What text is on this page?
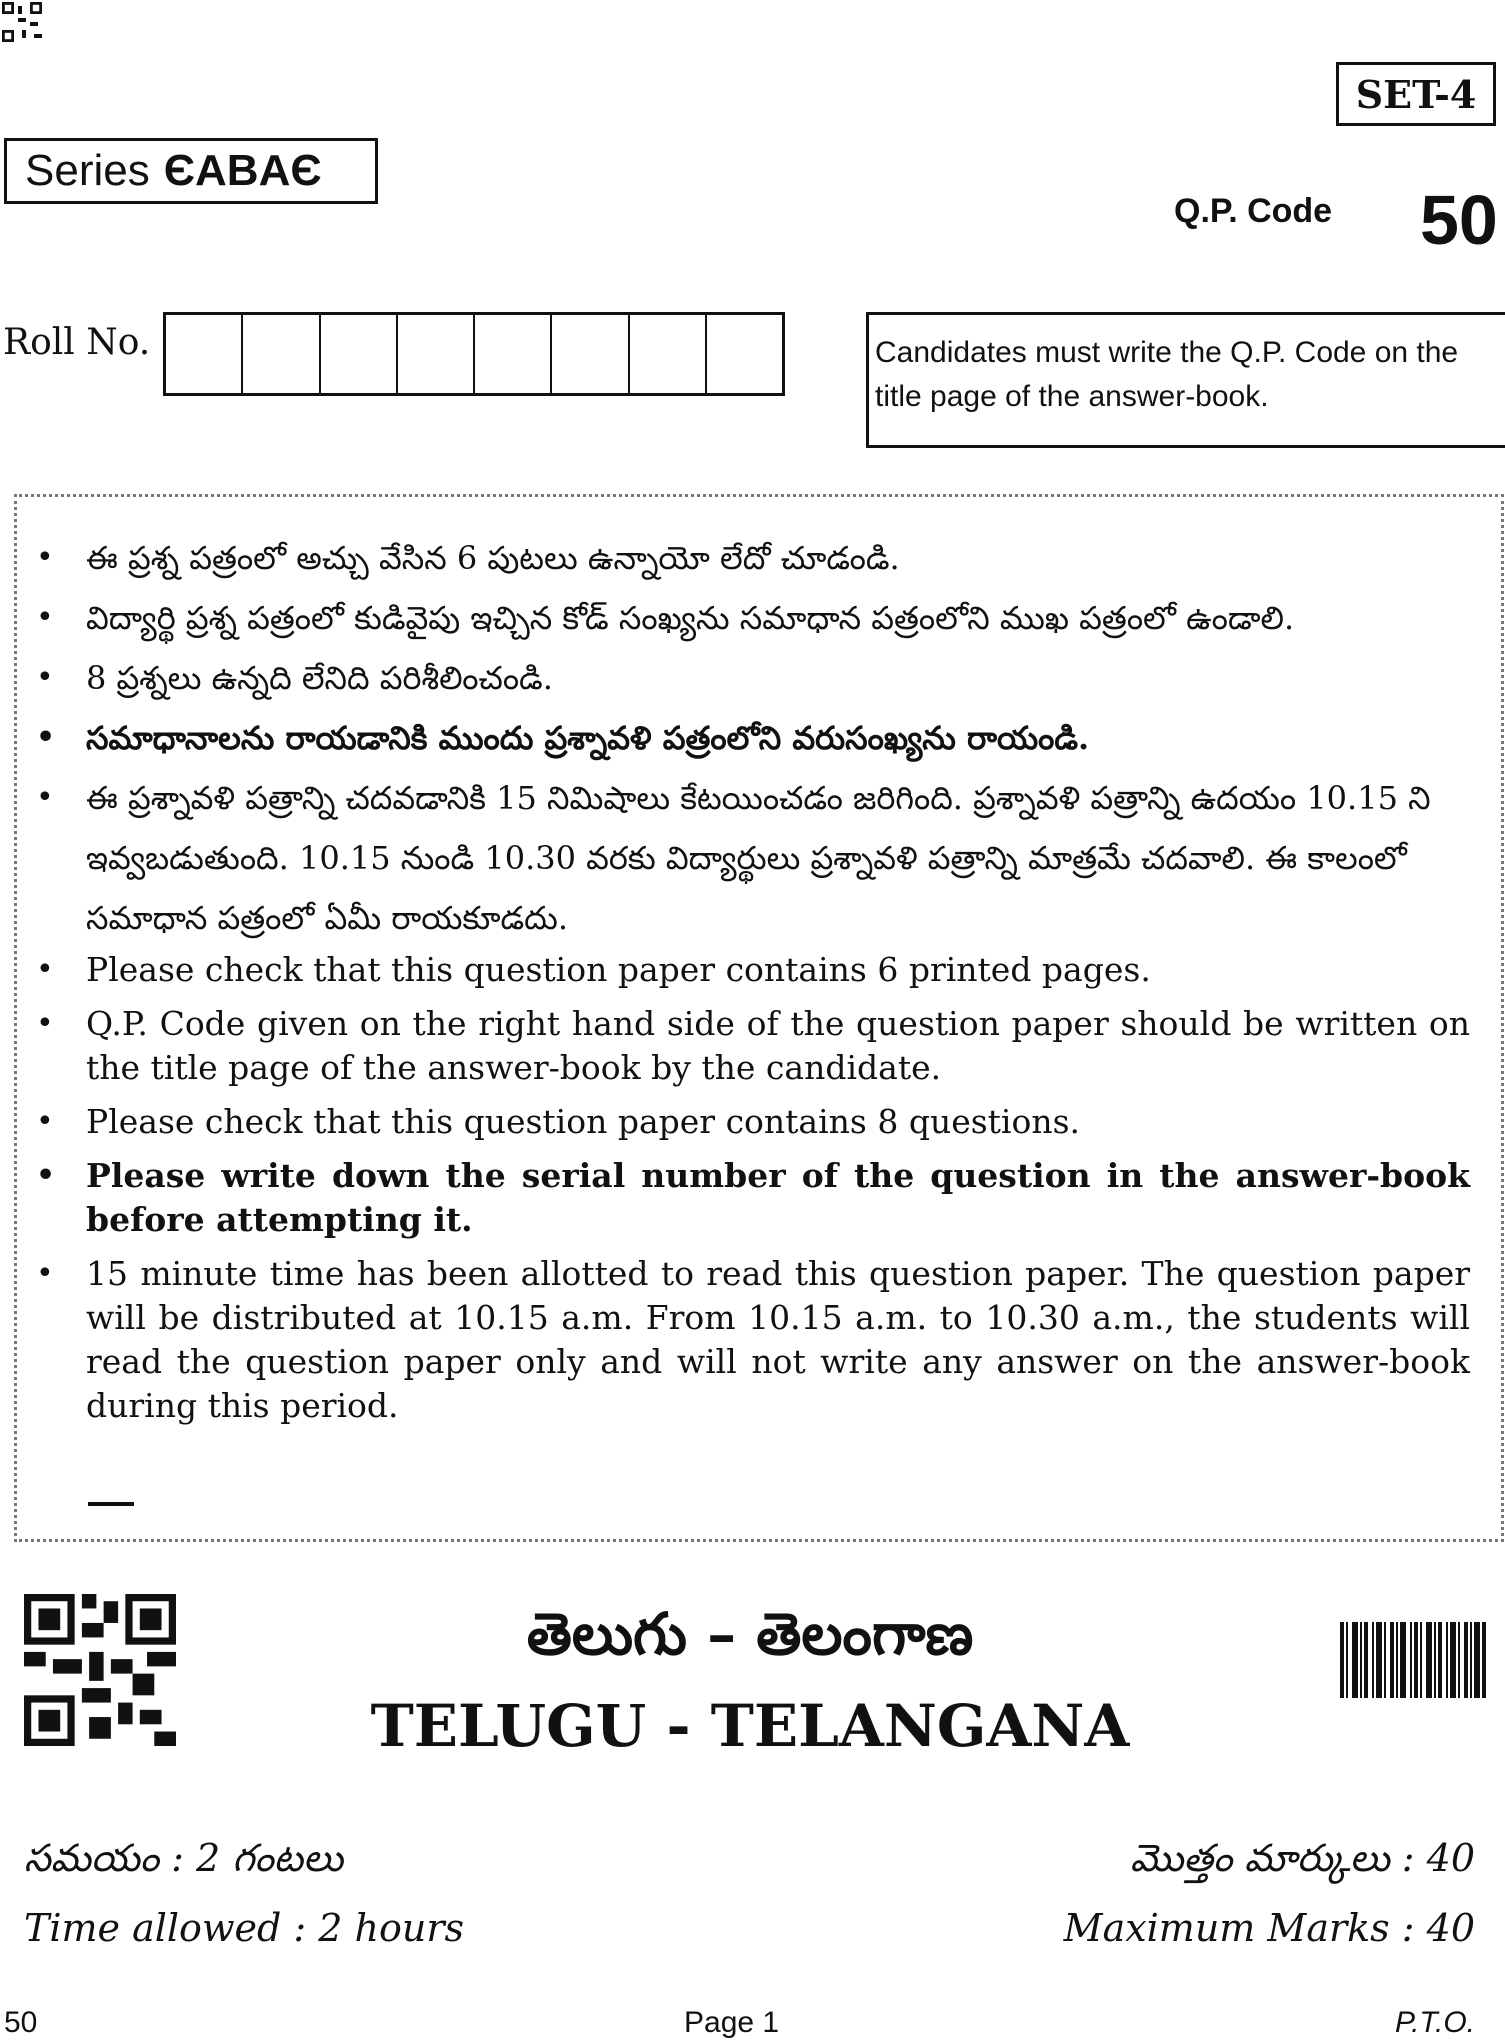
SET-4
Series ЄABAЄ
Q.P. Code 50
Roll No.	Candidates must write the Q.P. Code on the title page of the answer-book.
• ఈ ప్రశ్న పత్రంలో అచ్చు వేసిన 6 పుటలు ఉన్నాయో లేదో చూడండి.
• విద్యార్థి ప్రశ్న పత్రంలో కుడివైపు ఇచ్చిన కోడ్ సంఖ్యను సమాధాన పత్రంలోని ముఖ పత్రంలో ఉండాలి.
• 8 ప్రశ్నలు ఉన్నది లేనిది పరిశీలించండి.
• సమాధానాలను రాయడానికి ముందు ప్రశ్నావళి పత్రంలోని వరుసంఖ్యను రాయండి.
• ఈ ప్రశ్నావళి పత్రాన్ని చదవడానికి 15 నిమిషాలు కేటయించడం జరిగింది. ప్రశ్నావళి పత్రాన్ని ఉదయం 10.15 ని ఇవ్వబడుతుంది. 10.15 నుండి 10.30 వరకు విద్యార్థులు ప్రశ్నావళి పత్రాన్ని మాత్రమే చదవాలి. ఈ కాలంలో సమాధాన పత్రంలో ఏమీ రాయకూడదు.
• Please check that this question paper contains 6 printed pages.
• Q.P. Code given on the right hand side of the question paper should be written on the title page of the answer-book by the candidate.
• Please check that this question paper contains 8 questions.
• Please write down the serial number of the question in the answer-book before attempting it.
• 15 minute time has been allotted to read this question paper. The question paper will be distributed at 10.15 a.m. From 10.15 a.m. to 10.30 a.m., the students will read the question paper only and will not write any answer on the answer-book during this period.
తెలుగు – తెలంగాణ
TELUGU - TELANGANA
సమయం : 2 గంటలు	మొత్తం మార్కులు : 40
Time allowed : 2 hours	Maximum Marks : 40
50	Page 1	P.T.O.
